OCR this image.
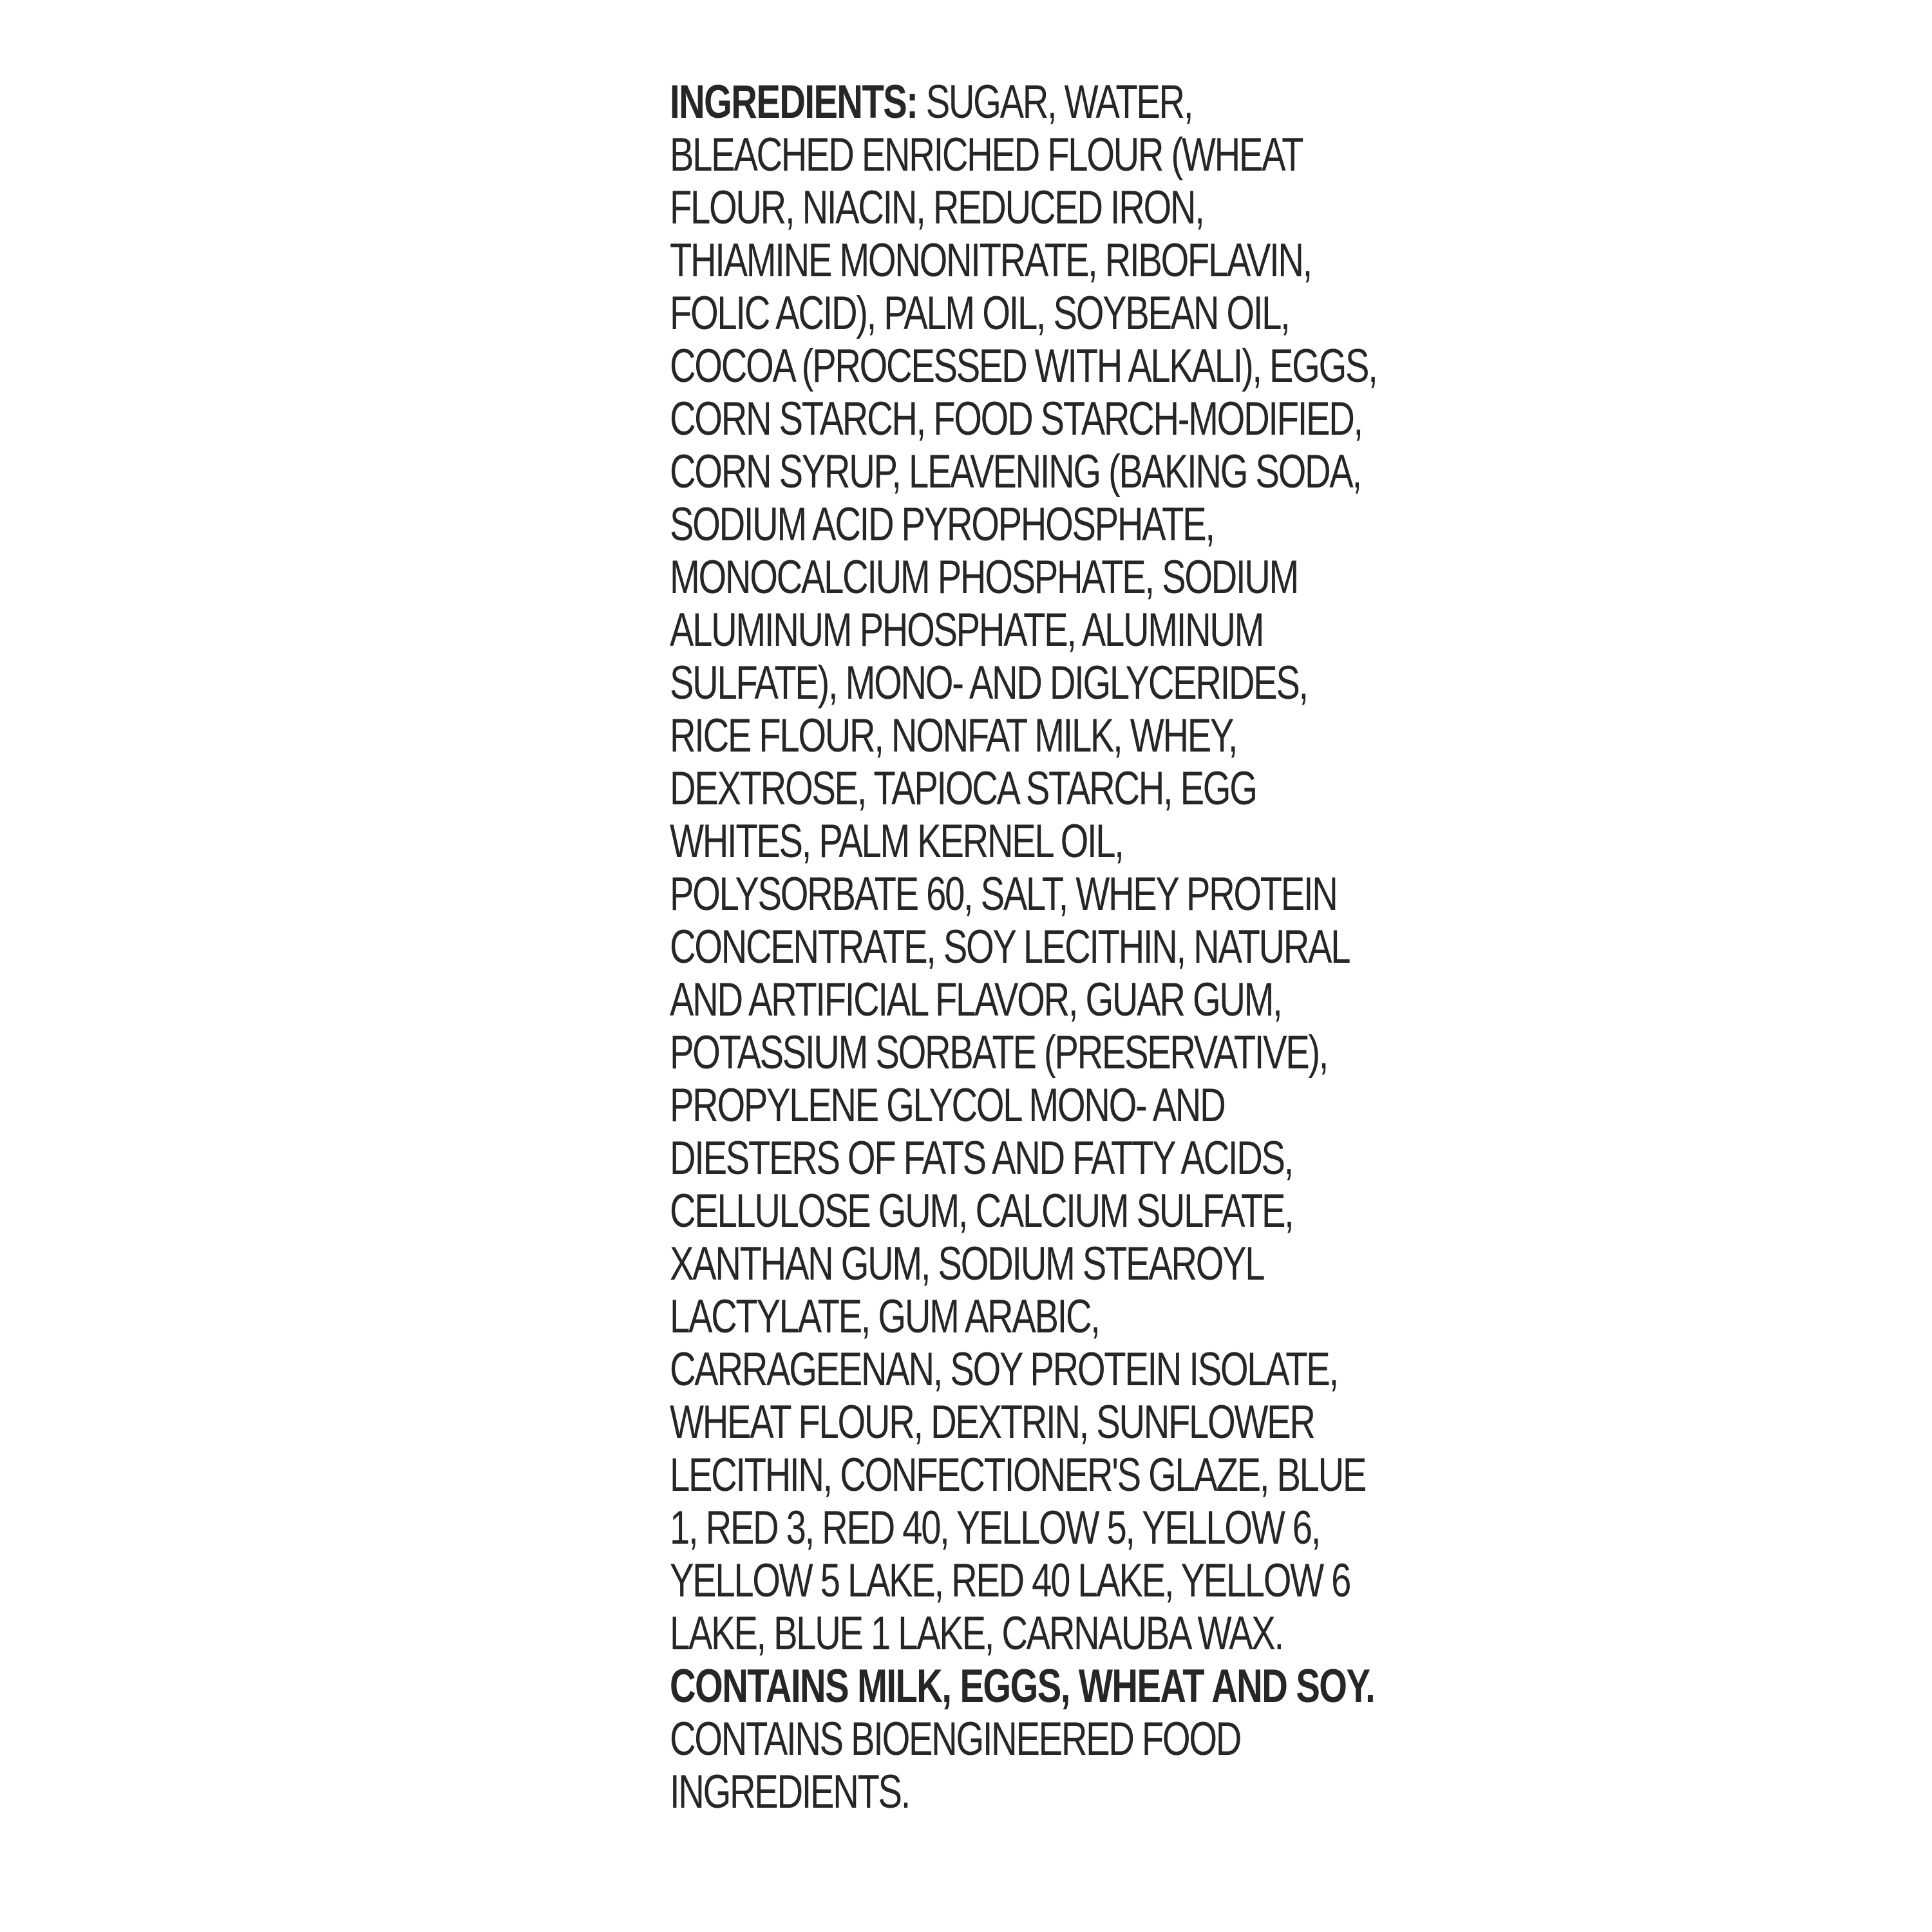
INGREDIENTS: SUGAR, WATER,
BLEACHED ENRICHED FLOUR (WHEAT
FLOUR, NIACIN, REDUCED IRON,
THIAMINE MONONITRATE, RIBOFLAVIN,
FOLIC ACID), PALM OIL, SOYBEAN OIL,
COCOA (PROCESSED WITH ALKALI), EGGS,
CORN STARCH, FOOD STARCH-MODIFIED,
CORN SYRUP, LEAVENING (BAKING SODA,
SODIUM ACID PYROPHOSPHATE,
MONOCALCIUM PHOSPHATE, SODIUM
ALUMINUM PHOSPHATE, ALUMINUM
SULFATE), MONO- AND DIGLYCERIDES,
RICE FLOUR, NONFAT MILK, WHEY,
DEXTROSE, TAPIOCA STARCH, EGG
WHITES, PALM KERNEL OIL,
POLYSORBATE 60, SALT, WHEY PROTEIN
CONCENTRATE, SOY LECITHIN, NATURAL
AND ARTIFICIAL FLAVOR, GUAR GUM,
POTASSIUM SORBATE (PRESERVATIVE),
PROPYLENE GLYCOL MONO- AND
DIESTERS OF FATS AND FATTY ACIDS,
CELLULOSE GUM, CALCIUM SULFATE,
XANTHAN GUM, SODIUM STEAROYL
LACTYLATE, GUM ARABIC,
CARRAGEENAN, SOY PROTEIN ISOLATE,
WHEAT FLOUR, DEXTRIN, SUNFLOWER
LECITHIN, CONFECTIONER'S GLAZE, BLUE
1, RED 3, RED 40, YELLOW 5, YELLOW 6,
YELLOW 5 LAKE, RED 40 LAKE, YELLOW 6
LAKE, BLUE 1 LAKE, CARNAUBA WAX.
CONTAINS MILK, EGGS, WHEAT AND SOY.
CONTAINS BIOENGINEERED FOOD
INGREDIENTS.
